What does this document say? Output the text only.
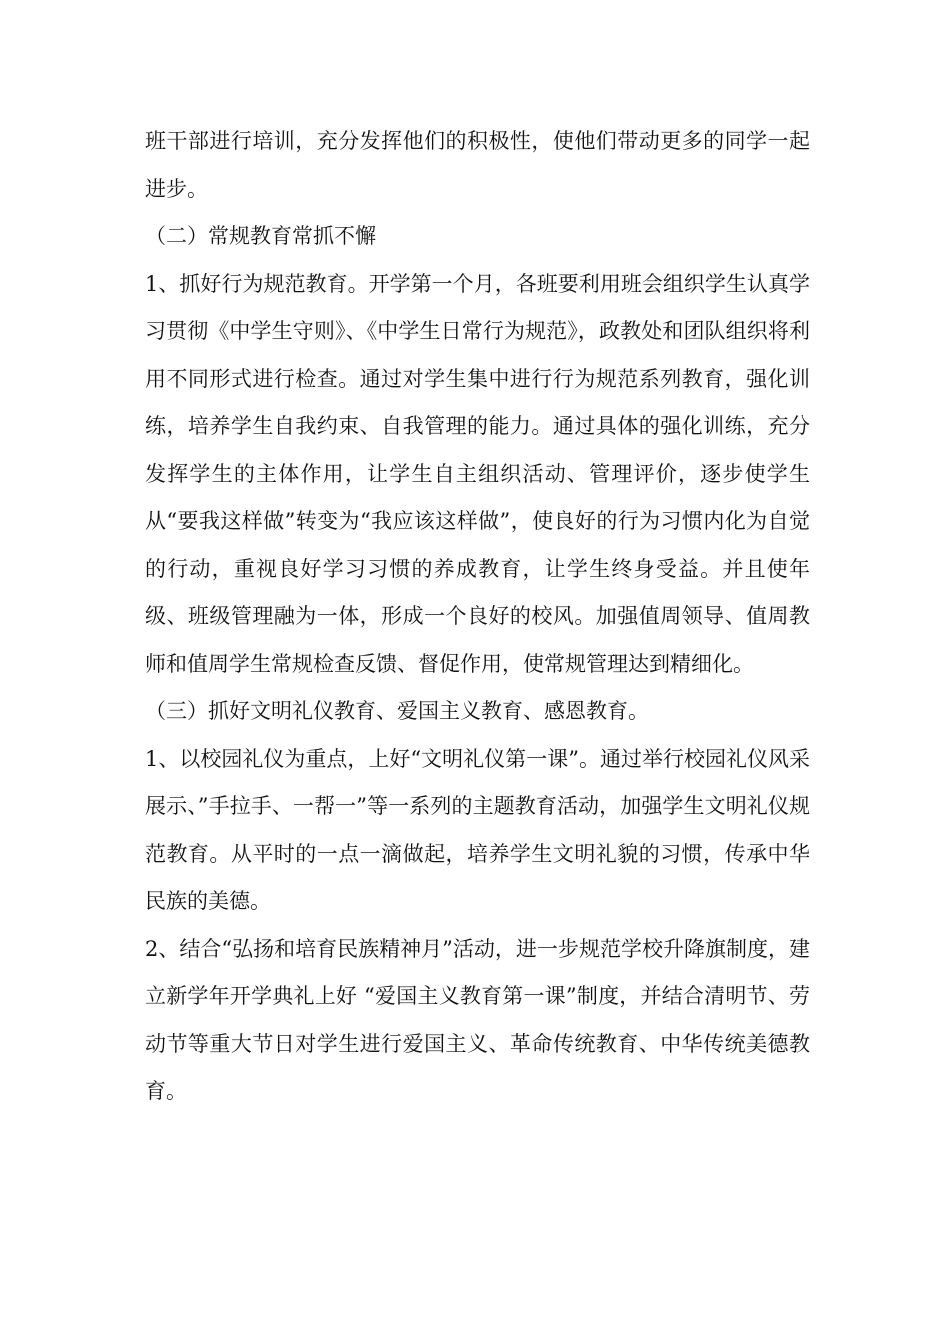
班干部进行培训，充分发挥他们的积极性，使他们带动更多的同学一起进步。

（二）常规教育常抓不懈

1、抓好行为规范教育。开学第一个月，各班要利用班会组织学生认真学习贯彻《中学生守则》、《中学生日常行为规范》，政教处和团队组织将利用不同形式进行检查。通过对学生集中进行行为规范系列教育，强化训练，培养学生自我约束、自我管理的能力。通过具体的强化训练，充分发挥学生的主体作用，让学生自主组织活动、管理评价，逐步使学生从“要我这样做”转变为“我应该这样做”，使良好的行为习惯内化为自觉的行动，重视良好学习习惯的养成教育，让学生终身受益。并且使年级、班级管理融为一体，形成一个良好的校风。加强值周领导、值周教师和值周学生常规检查反馈、督促作用，使常规管理达到精细化。

（三）抓好文明礼仪教育、爱国主义教育、感恩教育。

1、以校园礼仪为重点，上好“文明礼仪第一课”。通过举行校园礼仪风采展示、”手拉手、一帮一”等一系列的主题教育活动，加强学生文明礼仪规范教育。从平时的一点一滴做起，培养学生文明礼貌的习惯，传承中华民族的美德。

2、结合“弘扬和培育民族精神月”活动，进一步规范学校升降旗制度，建立新学年开学典礼上好 “爱国主义教育第一课”制度，并结合清明节、劳动节等重大节日对学生进行爱国主义、革命传统教育、中华传统美德教育。
